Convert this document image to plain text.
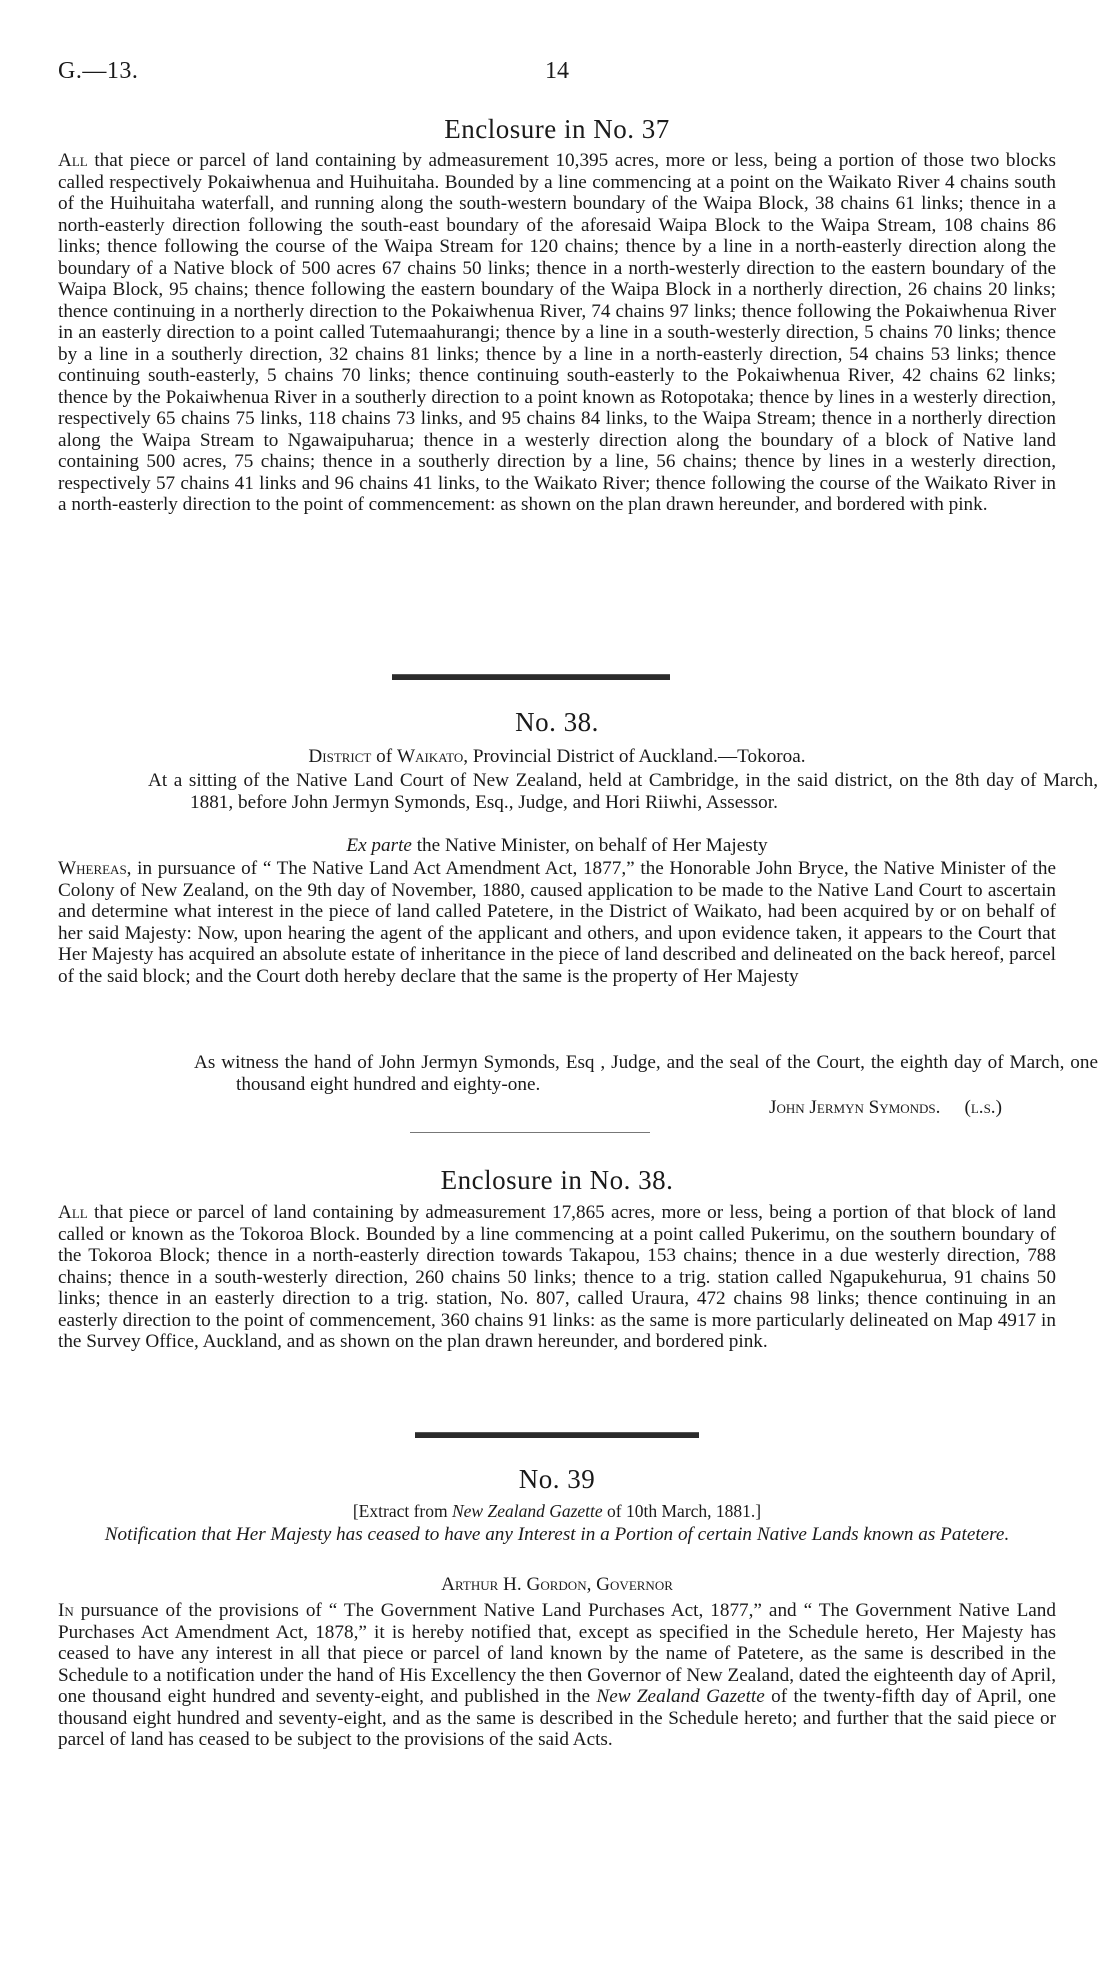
G.—13.	14
Enclosure in No. 37

All that piece or parcel of land containing by admeasurement 10,395 acres, more or less, being a portion of those two blocks called respectively Pokaiwhenua and Huihuitaha. Bounded by a line commencing at a point on the Waikato River 4 chains south of the Huihuitaha waterfall, and running along the south-western boundary of the Waipa Block, 38 chains 61 links; thence in a north-easterly direction following the south-east boundary of the aforesaid Waipa Block to the Waipa Stream, 108 chains 86 links; thence following the course of the Waipa Stream for 120 chains; thence by a line in a north-easterly direction along the boundary of a Native block of 500 acres 67 chains 50 links; thence in a north-westerly direction to the eastern boundary of the Waipa Block, 95 chains; thence following the eastern boundary of the Waipa Block in a northerly direction, 26 chains 20 links; thence continuing in a northerly direction to the Pokaiwhenua River, 74 chains 97 links; thence following the Pokaiwhenua River in an easterly direction to a point called Tutemaahurangi; thence by a line in a south-westerly direction, 5 chains 70 links; thence by a line in a southerly direction, 32 chains 81 links; thence by a line in a north-easterly direction, 54 chains 53 links; thence continuing south-easterly, 5 chains 70 links; thence continuing south-easterly to the Pokaiwhenua River, 42 chains 62 links; thence by the Pokaiwhenua River in a southerly direction to a point known as Rotopotaka; thence by lines in a westerly direction, respectively 65 chains 75 links, 118 chains 73 links, and 95 chains 84 links, to the Waipa Stream; thence in a northerly direction along the Waipa Stream to Ngawaipuharua; thence in a westerly direction along the boundary of a block of Native land containing 500 acres, 75 chains; thence in a southerly direction by a line, 56 chains; thence by lines in a westerly direction, respectively 57 chains 41 links and 96 chains 41 links, to the Waikato River; thence following the course of the Waikato River in a north-easterly direction to the point of commencement: as shown on the plan drawn hereunder, and bordered with pink.

No. 38.
District of Waikato, Provincial District of Auckland.—Tokoroa.

At a sitting of the Native Land Court of New Zealand, held at Cambridge, in the said district, on the 8th day of March, 1881, before John Jermyn Symonds, Esq., Judge, and Hori Riiwhi, Assessor.

Ex parte the Native Minister, on behalf of Her Majesty

Whereas, in pursuance of “ The Native Land Act Amendment Act, 1877,” the Honorable John Bryce, the Native Minister of the Colony of New Zealand, on the 9th day of November, 1880, caused application to be made to the Native Land Court to ascertain and determine what interest in the piece of land called Patetere, in the District of Waikato, had been acquired by or on behalf of her said Majesty: Now, upon hearing the agent of the applicant and others, and upon evidence taken, it appears to the Court that Her Majesty has acquired an absolute estate of inheritance in the piece of land described and delineated on the back hereof, parcel of the said block; and the Court doth hereby declare that the same is the property of Her Majesty

As witness the hand of John Jermyn Symonds, Esq , Judge, and the seal of the Court, the eighth day of March, one thousand eight hundred and eighty-one.

John Jermyn Symonds. (l.s.)
Enclosure in No. 38.

All that piece or parcel of land containing by admeasurement 17,865 acres, more or less, being a portion of that block of land called or known as the Tokoroa Block. Bounded by a line commencing at a point called Pukerimu, on the southern boundary of the Tokoroa Block; thence in a north-easterly direction towards Takapou, 153 chains; thence in a due westerly direction, 788 chains; thence in a south-westerly direction, 260 chains 50 links; thence to a trig. station called Ngapukehurua, 91 chains 50 links; thence in an easterly direction to a trig. station, No. 807, called Uraura, 472 chains 98 links; thence continuing in an easterly direction to the point of commencement, 360 chains 91 links: as the same is more particularly delineated on Map 4917 in the Survey Office, Auckland, and as shown on the plan drawn hereunder, and bordered pink.

No. 39
[Extract from New Zealand Gazette of 10th March, 1881.]
Notification that Her Majesty has ceased to have any Interest in a Portion of certain Native Lands known as Patetere.
Arthur H. Gordon, Governor

In pursuance of the provisions of “ The Government Native Land Purchases Act, 1877,” and “ The Government Native Land Purchases Act Amendment Act, 1878,” it is hereby notified that, except as specified in the Schedule hereto, Her Majesty has ceased to have any interest in all that piece or parcel of land known by the name of Patetere, as the same is described in the Schedule to a notification under the hand of His Excellency the then Governor of New Zealand, dated the eighteenth day of April, one thousand eight hundred and seventy-eight, and published in the New Zealand Gazette of the twenty-fifth day of April, one thousand eight hundred and seventy-eight, and as the same is described in the Schedule hereto; and further that the said piece or parcel of land has ceased to be subject to the provisions of the said Acts.
